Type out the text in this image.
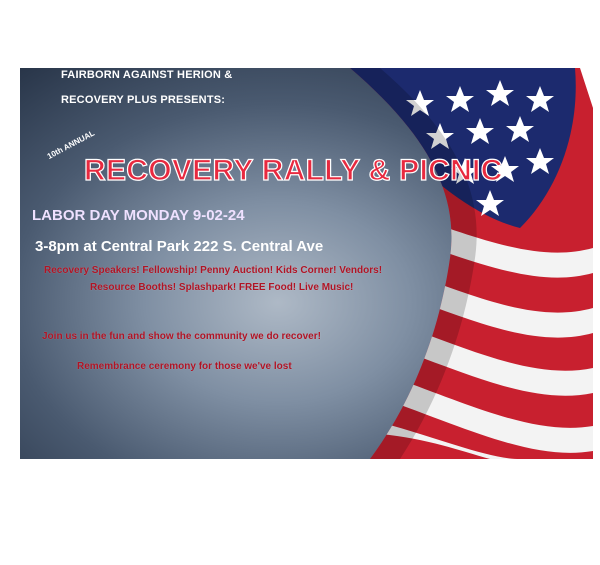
FAIRBORN AGAINST HERION &
RECOVERY PLUS PRESENTS:
10th ANNUAL
RECOVERY RALLY & PICNIC
LABOR DAY MONDAY 9-02-24
3-8pm at Central Park 222 S. Central Ave
Recovery Speakers! Fellowship! Penny Auction! Kids Corner! Vendors!
Resource Booths! Splashpark! FREE Food! Live Music!
Join us in the fun and show the community we do recover!
Remembrance ceremony for those we've lost
